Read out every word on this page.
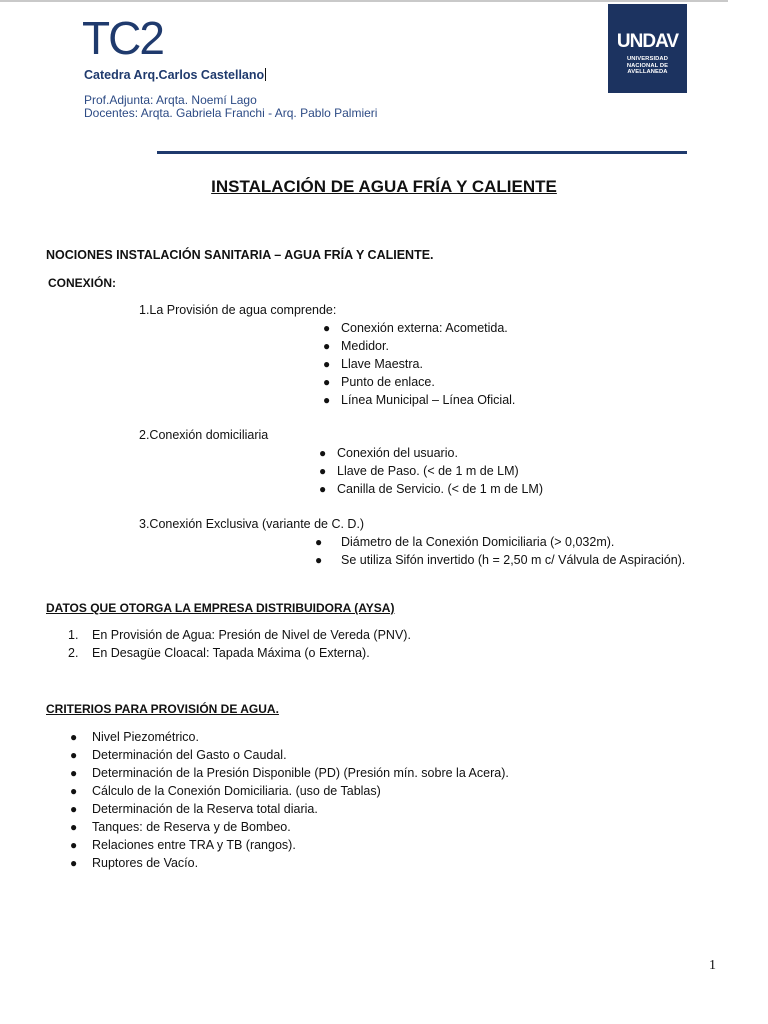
TC2
Catedra Arq.Carlos Castellano
Prof.Adjunta: Arqta. Noemí Lago
Docentes: Arqta. Gabriela Franchi - Arq. Pablo Palmieri
UNDAV
UNIVERSIDAD
NACIONAL DE
AVELLANEDA
INSTALACIÓN DE AGUA FRÍA Y CALIENTE
NOCIONES INSTALACIÓN SANITARIA – AGUA FRÍA Y CALIENTE.
CONEXIÓN:
1.La Provisión de agua comprende:
● Conexión externa: Acometida.
● Medidor.
● Llave Maestra.
● Punto de enlace.
● Línea Municipal – Línea Oficial.
2.Conexión domiciliaria
● Conexión del usuario.
● Llave de Paso. (< de 1 m de LM)
● Canilla de Servicio. (< de 1 m de LM)
3.Conexión Exclusiva (variante de C. D.)
● Diámetro de la Conexión Domiciliaria (> 0,032m).
● Se utiliza Sifón invertido (h = 2,50 m c/ Válvula de Aspiración).
DATOS QUE OTORGA LA EMPRESA DISTRIBUIDORA (AYSA)
1. En Provisión de Agua: Presión de Nivel de Vereda (PNV).
2. En Desagüe Cloacal: Tapada Máxima (o Externa).
CRITERIOS PARA PROVISIÓN DE AGUA.
● Nivel Piezométrico.
● Determinación del Gasto o Caudal.
● Determinación de la Presión Disponible (PD) (Presión mín. sobre la Acera).
● Cálculo de la Conexión Domiciliaria. (uso de Tablas)
● Determinación de la Reserva total diaria.
● Tanques: de Reserva y de Bombeo.
● Relaciones entre TRA y TB (rangos).
● Ruptores de Vacío.
1
